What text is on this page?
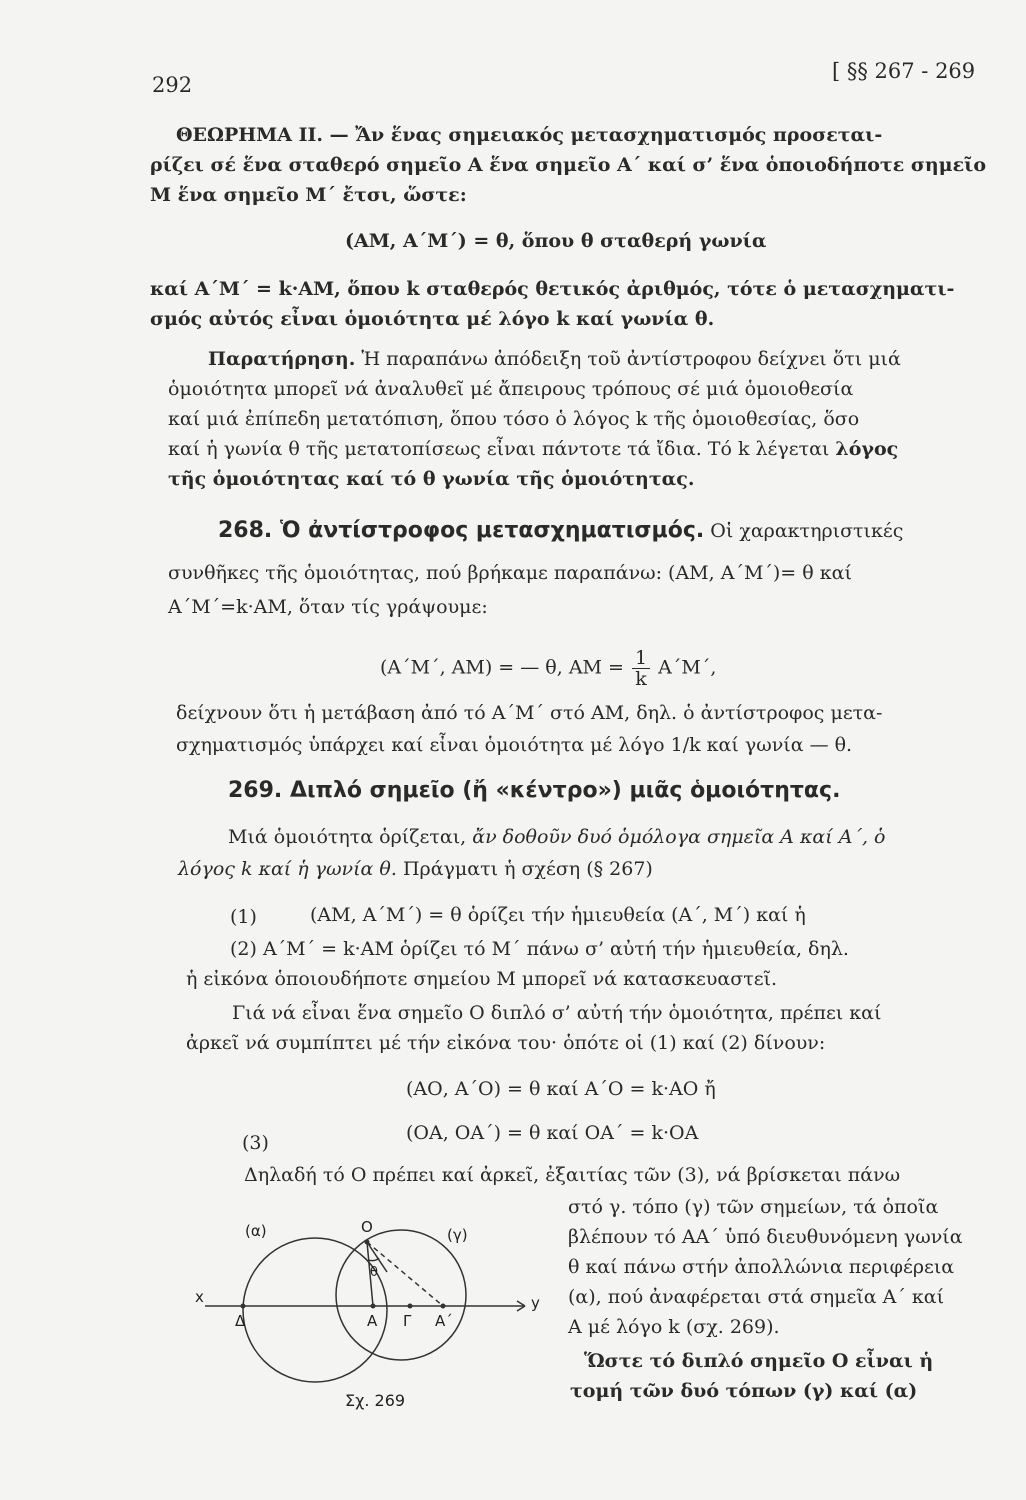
292
[ §§ 267 - 269
ΘΕΩΡΗΜΑ ΙΙ. — Ἄν ἕνας σημειακός μετασχηματισμός προσεται-
ρίζει σέ ἕνα σταθερό σημεῖο Α ἕνα σημεῖο Α΄ καί σ’ ἕνα ὁποιοδήποτε σημεῖο
Μ ἕνα σημεῖο Μ΄ ἔτσι, ὥστε:
(AM, A΄M΄) = θ, ὅπου θ σταθερή γωνία
καί Α΄Μ΄ = k·AM, ὅπου k σταθερός θετικός ἀριθμός, τότε ὁ μετασχηματι-
σμός αὐτός εἶναι ὁμοιότητα μέ λόγο k καί γωνία θ.
Παρατήρηση. Ἡ παραπάνω ἀπόδειξη τοῦ ἀντίστροφου δείχνει ὅτι μιά
ὁμοιότητα μπορεῖ νά ἀναλυθεῖ μέ ἄπειρους τρόπους σέ μιά ὁμοιοθεσία
καί μιά ἐπίπεδη μετατόπιση, ὅπου τόσο ὁ λόγος k τῆς ὁμοιοθεσίας, ὅσο
καί ἡ γωνία θ τῆς μετατοπίσεως εἶναι πάντοτε τά ἴδια. Τό k λέγεται λόγος
τῆς ὁμοιότητας καί τό θ γωνία τῆς ὁμοιότητας.
268. Ὁ ἀντίστροφος μετασχηματισμός. Οἱ χαρακτηριστικές
συνθῆκες τῆς ὁμοιότητας, πού βρήκαμε παραπάνω: (ΑΜ, Α΄Μ΄)= θ καί
Α΄Μ΄=k·AM, ὅταν τίς γράψουμε:
(Α΄Μ΄, ΑΜ) = — θ, $AM = \frac{1}{k} A΄M΄$,
δείχνουν ὅτι ἡ μετάβαση ἀπό τό Α΄Μ΄ στό ΑΜ, δηλ. ὁ ἀντίστροφος μετα-
σχηματισμός ὑπάρχει καί εἶναι ὁμοιότητα μέ λόγο 1/k καί γωνία — θ.
269. Διπλό σημεῖο (ἤ «κέντρο») μιᾶς ὁμοιότητας.
Μιά ὁμοιότητα ὁρίζεται, ἄν δοθοῦν δυό ὁμόλογα σημεῖα Α καί Α΄, ὁ
λόγος k καί ἡ γωνία θ. Πράγματι ἡ σχέση (§ 267)
(1)	(ΑΜ, Α΄Μ΄) = θ ὁρίζει τήν ἡμιευθεία (Α΄, Μ΄) καί ἡ
(2) Α΄Μ΄ = k·AM ὁρίζει τό Μ΄ πάνω σ’ αὐτή τήν ἡμιευθεία, δηλ.
ἡ εἰκόνα ὁποιουδήποτε σημείου Μ μπορεῖ νά κατασκευαστεῖ.
Γιά νά εἶναι ἕνα σημεῖο Ο διπλό σ’ αὐτή τήν ὁμοιότητα, πρέπει καί
ἀρκεῖ νά συμπίπτει μέ τήν εἰκόνα του· ὁπότε οἱ (1) καί (2) δίνουν:
(ΑΟ, Α΄Ο) = θ καί Α΄Ο = k·ΑΟ ἤ
(3)	(ΟΑ, ΟΑ΄) = θ καί ΟΑ΄ = k·ΟΑ
Δηλαδή τό Ο πρέπει καί ἀρκεῖ, ἐξαιτίας τῶν (3), νά βρίσκεται πάνω
στό γ. τόπο (γ) τῶν σημείων, τά ὁποῖα
βλέπουν τό ΑΑ΄ ὑπό διευθυνόμενη γωνία
θ καί πάνω στήν ἀπολλώνια περιφέρεια
(α), πού ἀναφέρεται στά σημεῖα Α΄ καί
Α μέ λόγο k (σχ. 269).
Ὥστε τό διπλό σημεῖο Ο εἶναι ἡ
τομή τῶν δυό τόπων (γ) καί (α)
(α)	(γ)
Ο
θ
x	y
Δ	Α Γ Α΄
Σχ. 269
